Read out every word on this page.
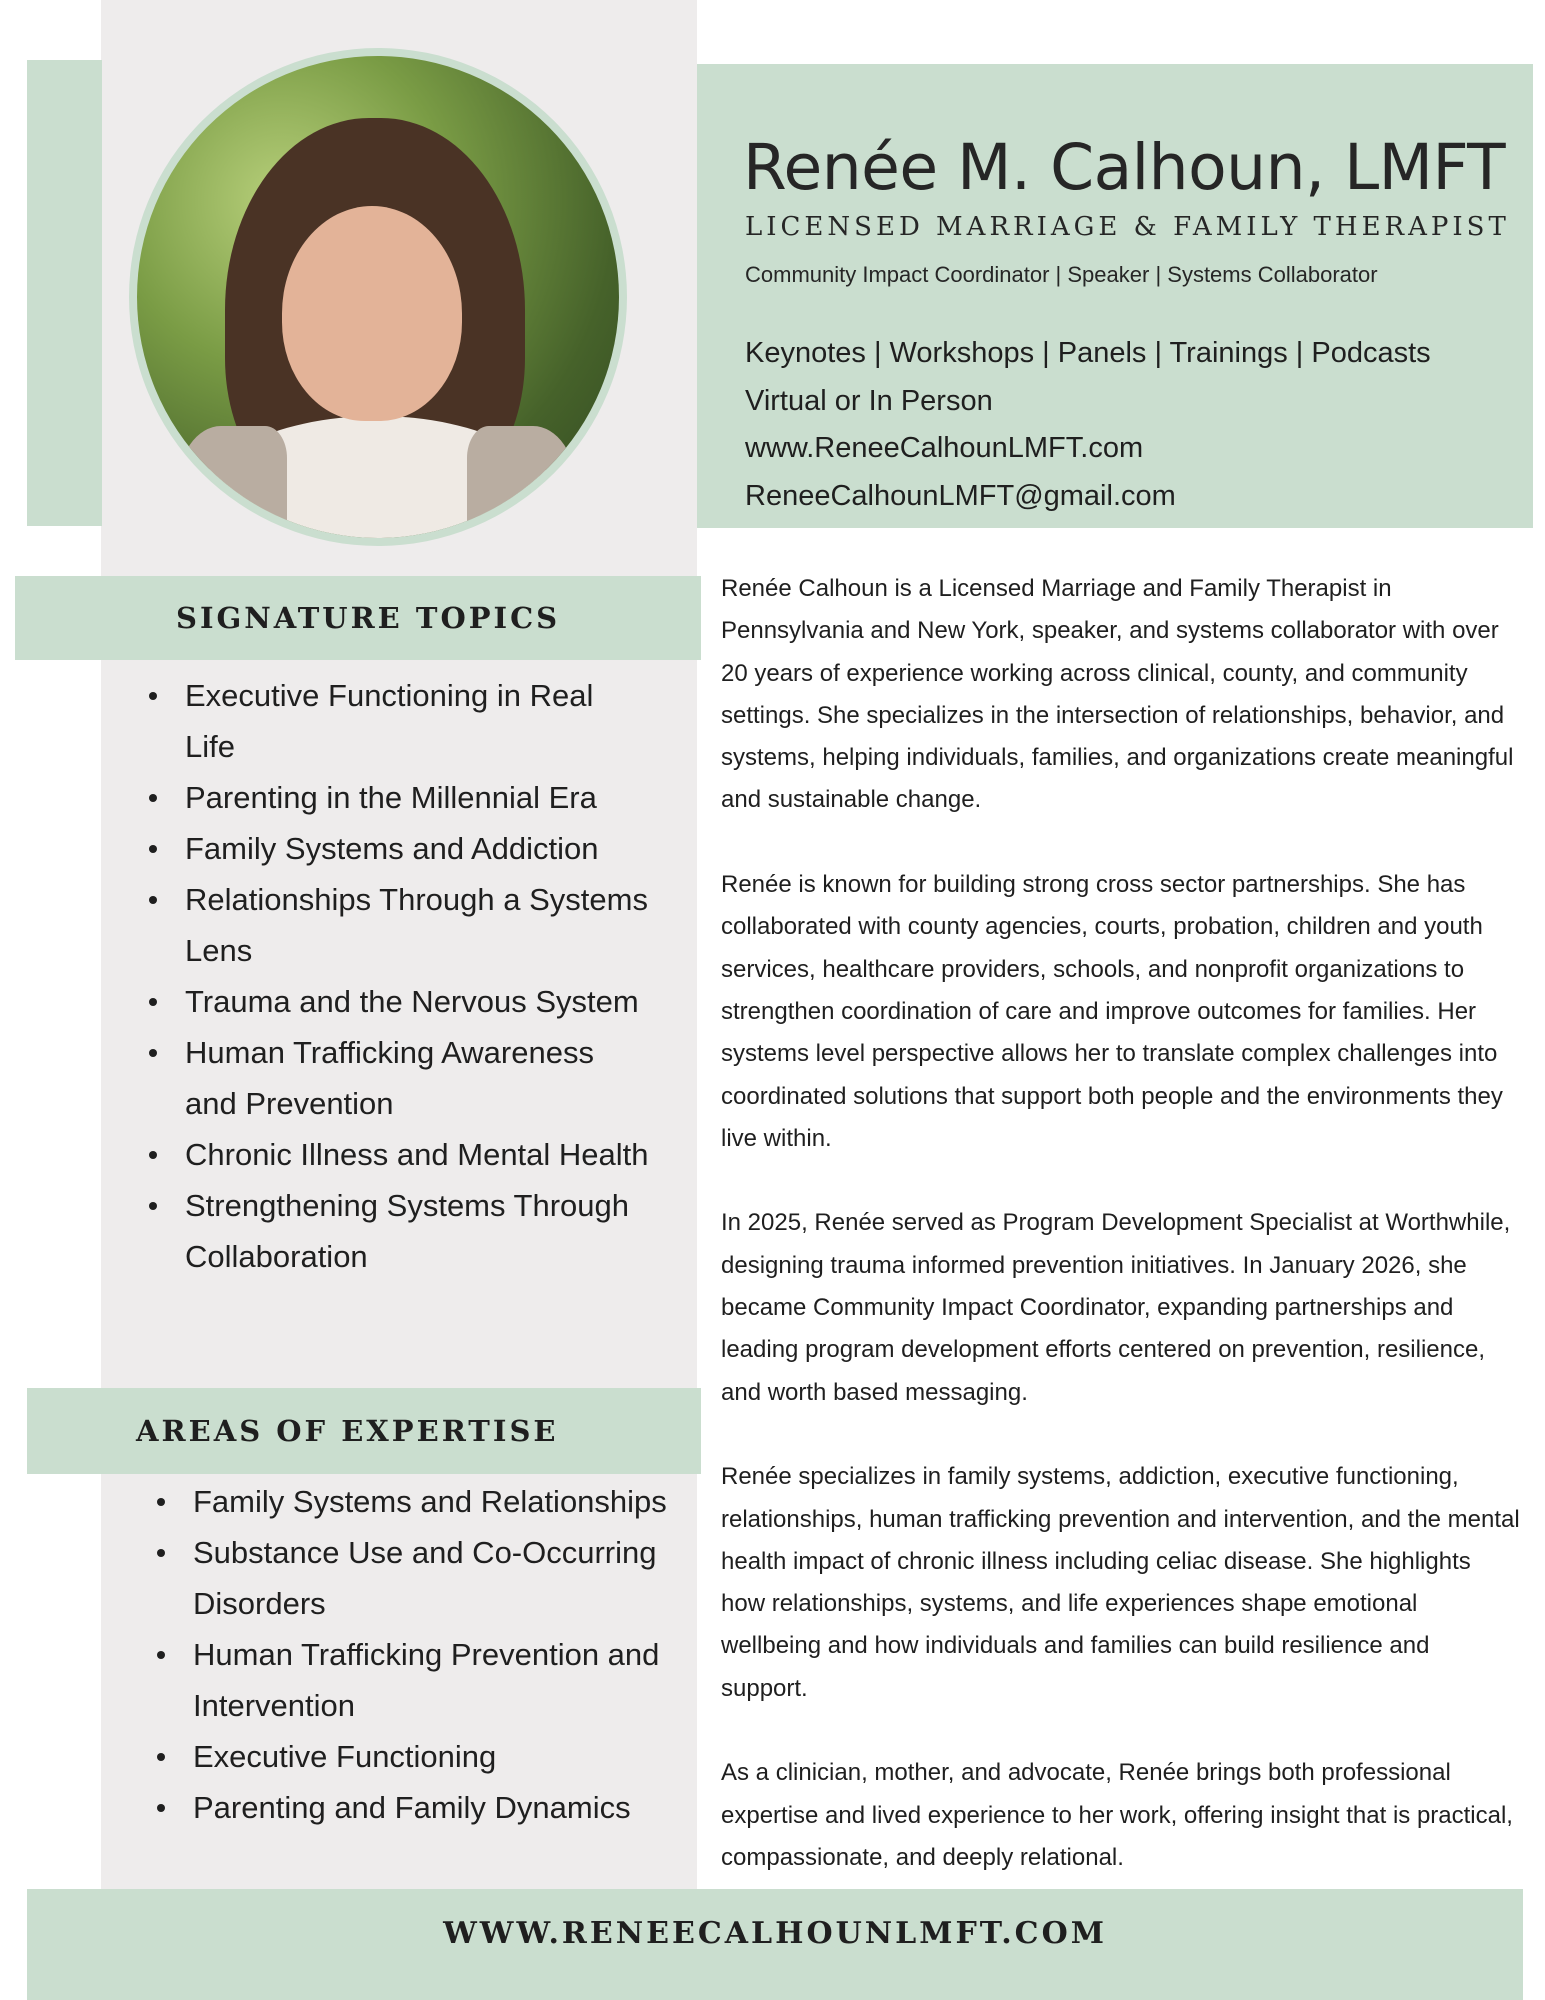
Renée M. Calhoun, LMFT
LICENSED MARRIAGE & FAMILY THERAPIST
Community Impact Coordinator | Speaker | Systems Collaborator
Keynotes | Workshops | Panels | Trainings | Podcasts
Virtual or In Person
www.ReneeCalhounLMFT.com
ReneeCalhounLMFT@gmail.com
SIGNATURE TOPICS
Executive Functioning in Real Life
Parenting in the Millennial Era
Family Systems and Addiction
Relationships Through a Systems Lens
Trauma and the Nervous System
Human Trafficking Awareness and Prevention
Chronic Illness and Mental Health
Strengthening Systems Through Collaboration
AREAS OF EXPERTISE
Family Systems and Relationships
Substance Use and Co-Occurring Disorders
Human Trafficking Prevention and Intervention
Executive Functioning
Parenting and Family Dynamics

Renée Calhoun is a Licensed Marriage and Family Therapist in Pennsylvania and New York, speaker, and systems collaborator with over 20 years of experience working across clinical, county, and community settings. She specializes in the intersection of relationships, behavior, and systems, helping individuals, families, and organizations create meaningful and sustainable change.

Renée is known for building strong cross sector partnerships. She has collaborated with county agencies, courts, probation, children and youth services, healthcare providers, schools, and nonprofit organizations to strengthen coordination of care and improve outcomes for families. Her systems level perspective allows her to translate complex challenges into coordinated solutions that support both people and the environments they live within.

In 2025, Renée served as Program Development Specialist at Worthwhile, designing trauma informed prevention initiatives. In January 2026, she became Community Impact Coordinator, expanding partnerships and leading program development efforts centered on prevention, resilience, and worth based messaging.

Renée specializes in family systems, addiction, executive functioning, relationships, human trafficking prevention and intervention, and the mental health impact of chronic illness including celiac disease. She highlights how relationships, systems, and life experiences shape emotional wellbeing and how individuals and families can build resilience and support.

As a clinician, mother, and advocate, Renée brings both professional expertise and lived experience to her work, offering insight that is practical, compassionate, and deeply relational.

WWW.RENEECALHOUNLMFT.COM
